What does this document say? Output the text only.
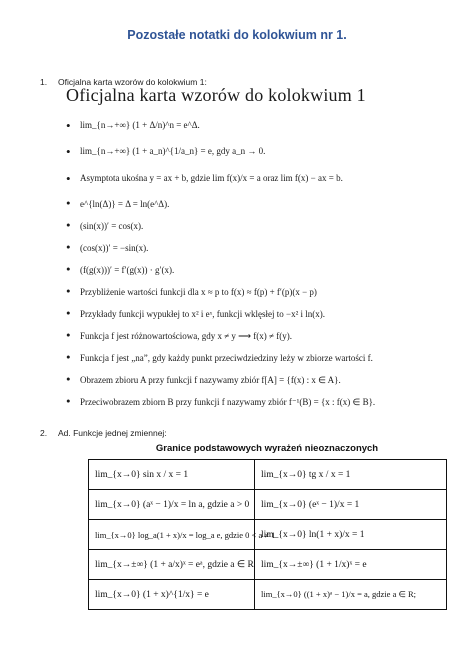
Pozostałe notatki do kolokwium nr 1.
1. Oficjalna karta wzorów do kolokwium 1:
Oficjalna karta wzorów do kolokwium 1
• lim_{n→+∞} (1 + Δ/n)^n = e^Δ.
• lim_{n→+∞} (1 + a_n)^{1/a_n} = e, gdy a_n → 0.
• Asymptota ukośna y = ax + b, gdzie lim f(x)/x = a oraz lim f(x) − ax = b.
• e^{ln(Δ)} = Δ = ln(e^Δ).
• (sin(x))′ = cos(x).
• (cos(x))′ = −sin(x).
• (f(g(x)))′ = f′(g(x)) · g′(x).
• Przybliżenie wartości funkcji dla x ≈ p to f(x) ≈ f(p) + f′(p)(x − p)
• Przykłady funkcji wypukłej to x² i eˣ, funkcji wklęsłej to −x² i ln(x).
• Funkcja f jest różnowartościowa, gdy x ≠ y ⟶ f(x) ≠ f(y).
• Funkcja f jest „na”, gdy każdy punkt przeciwdziedziny leży w zbiorze wartości f.
• Obrazem zbioru A przy funkcji f nazywamy zbiór f[A] = {f(x) : x ∈ A}.
• Przeciwobrazem zbiorn B przy funkcji f nazywamy zbiór f⁻¹(B) = {x : f(x) ∈ B}.
2. Ad. Funkcje jednej zmiennej:
Granice podstawowych wyrażeń nieoznaczonych
lim_{x→0} sin x / x = 1	lim_{x→0} tg x / x = 1
lim_{x→0} (aˣ − 1)/x = ln a, gdzie a > 0	lim_{x→0} (eˣ − 1)/x = 1
lim_{x→0} log_a(1 + x)/x = log_a e, gdzie 0 < a ≠ 1	lim_{x→0} ln(1 + x)/x = 1
lim_{x→±∞} (1 + a/x)ˣ = eᵃ, gdzie a ∈ R	lim_{x→±∞} (1 + 1/x)ˣ = e
lim_{x→0} (1 + x)^{1/x} = e	lim_{x→0} ((1 + x)ᵃ − 1)/x = a, gdzie a ∈ R;
